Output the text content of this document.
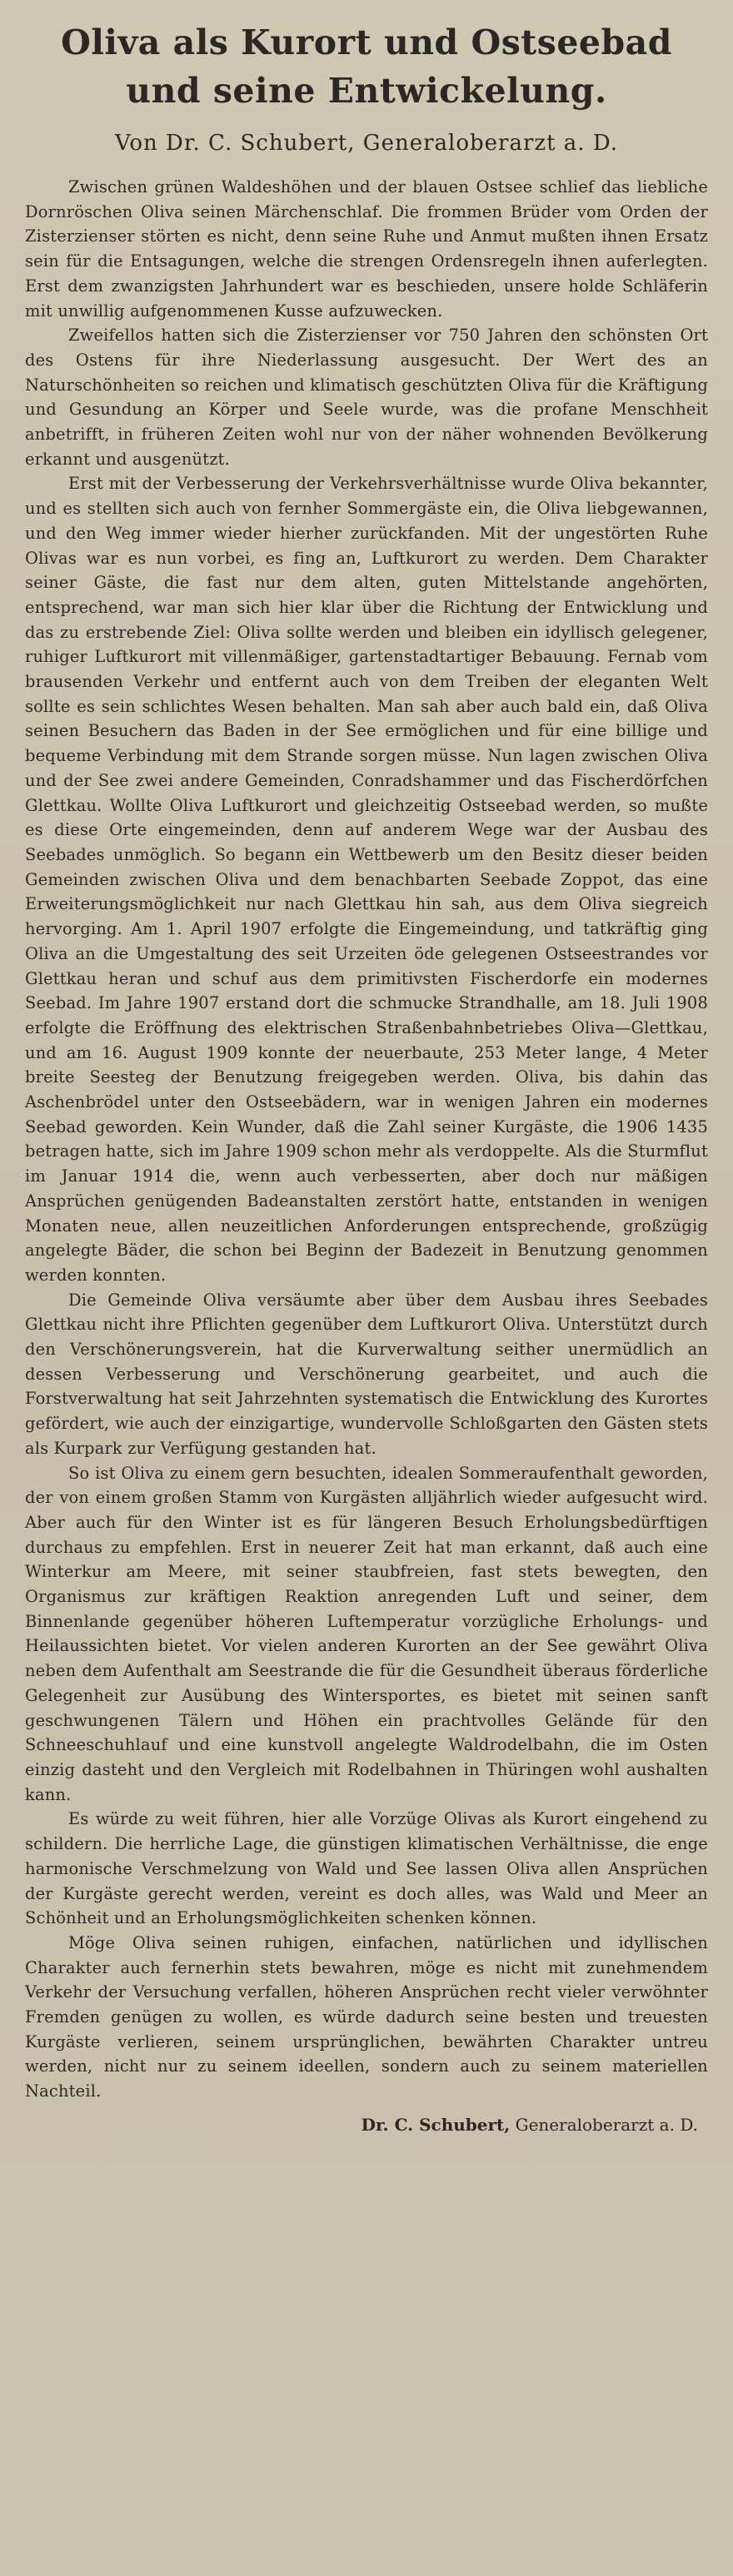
Oliva als Kurort und Ostseebad und seine Entwickelung.
Von Dr. C. Schubert, Generaloberarzt a. D.

Zwischen grünen Waldeshöhen und der blauen Ostsee schlief das liebliche Dornröschen Oliva seinen Märchenschlaf. Die frommen Brüder vom Orden der Zisterzienser störten es nicht, denn seine Ruhe und Anmut mußten ihnen Ersatz sein für die Entsagungen, welche die strengen Ordensregeln ihnen auferlegten. Erst dem zwanzigsten Jahrhundert war es beschieden, unsere holde Schläferin mit unwillig aufgenommenen Kusse aufzuwecken.

Zweifellos hatten sich die Zisterzienser vor 750 Jahren den schönsten Ort des Ostens für ihre Niederlassung ausgesucht. Der Wert des an Naturschönheiten so reichen und klimatisch geschützten Oliva für die Kräftigung und Gesundung an Körper und Seele wurde, was die profane Menschheit anbetrifft, in früheren Zeiten wohl nur von der näher wohnenden Bevölkerung erkannt und ausgenützt.

Erst mit der Verbesserung der Verkehrsverhältnisse wurde Oliva bekannter, und es stellten sich auch von fernher Sommergäste ein, die Oliva liebgewannen, und den Weg immer wieder hierher zurückfanden. Mit der ungestörten Ruhe Olivas war es nun vorbei, es fing an, Luftkurort zu werden. Dem Charakter seiner Gäste, die fast nur dem alten, guten Mittelstande angehörten, entsprechend, war man sich hier klar über die Richtung der Entwicklung und das zu erstrebende Ziel: Oliva sollte werden und bleiben ein idyllisch gelegener, ruhiger Luftkurort mit villenmäßiger, gartenstadtartiger Bebauung. Fernab vom brausenden Verkehr und entfernt auch von dem Treiben der eleganten Welt sollte es sein schlichtes Wesen behalten. Man sah aber auch bald ein, daß Oliva seinen Besuchern das Baden in der See ermöglichen und für eine billige und bequeme Verbindung mit dem Strande sorgen müsse. Nun lagen zwischen Oliva und der See zwei andere Gemeinden, Conradshammer und das Fischerdörfchen Glettkau. Wollte Oliva Luftkurort und gleichzeitig Ostseebad werden, so mußte es diese Orte eingemeinden, denn auf anderem Wege war der Ausbau des Seebades unmöglich. So begann ein Wettbewerb um den Besitz dieser beiden Gemeinden zwischen Oliva und dem benachbarten Seebade Zoppot, das eine Erweiterungsmöglichkeit nur nach Glettkau hin sah, aus dem Oliva siegreich hervorging. Am 1. April 1907 erfolgte die Eingemeindung, und tatkräftig ging Oliva an die Umgestaltung des seit Urzeiten öde gelegenen Ostseestrandes vor Glettkau heran und schuf aus dem primitivsten Fischerdorfe ein modernes Seebad. Im Jahre 1907 erstand dort die schmucke Strandhalle, am 18. Juli 1908 erfolgte die Eröffnung des elektrischen Straßenbahnbetriebes Oliva—Glettkau, und am 16. August 1909 konnte der neuerbaute, 253 Meter lange, 4 Meter breite Seesteg der Benutzung freigegeben werden. Oliva, bis dahin das Aschenbrödel unter den Ostseebädern, war in wenigen Jahren ein modernes Seebad geworden. Kein Wunder, daß die Zahl seiner Kurgäste, die 1906 1435 betragen hatte, sich im Jahre 1909 schon mehr als verdoppelte. Als die Sturmflut im Januar 1914 die, wenn auch verbesserten, aber doch nur mäßigen Ansprüchen genügenden Badeanstalten zerstört hatte, entstanden in wenigen Monaten neue, allen neuzeitlichen Anforderungen entsprechende, großzügig angelegte Bäder, die schon bei Beginn der Badezeit in Benutzung genommen werden konnten.

Die Gemeinde Oliva versäumte aber über dem Ausbau ihres Seebades Glettkau nicht ihre Pflichten gegenüber dem Luftkurort Oliva. Unterstützt durch den Verschönerungsverein, hat die Kurverwaltung seither unermüdlich an dessen Verbesserung und Verschönerung gearbeitet, und auch die Forstverwaltung hat seit Jahrzehnten systematisch die Entwicklung des Kurortes gefördert, wie auch der einzigartige, wundervolle Schloßgarten den Gästen stets als Kurpark zur Verfügung gestanden hat.

So ist Oliva zu einem gern besuchten, idealen Sommeraufenthalt geworden, der von einem großen Stamm von Kurgästen alljährlich wieder aufgesucht wird. Aber auch für den Winter ist es für längeren Besuch Erholungsbedürftigen durchaus zu empfehlen. Erst in neuerer Zeit hat man erkannt, daß auch eine Winterkur am Meere, mit seiner staubfreien, fast stets bewegten, den Organismus zur kräftigen Reaktion anregenden Luft und seiner, dem Binnenlande gegenüber höheren Luftemperatur vorzügliche Erholungs- und Heilaussichten bietet. Vor vielen anderen Kurorten an der See gewährt Oliva neben dem Aufenthalt am Seestrande die für die Gesundheit überaus förderliche Gelegenheit zur Ausübung des Wintersportes, es bietet mit seinen sanft geschwungenen Tälern und Höhen ein prachtvolles Gelände für den Schneeschuhlauf und eine kunstvoll angelegte Waldrodelbahn, die im Osten einzig dasteht und den Vergleich mit Rodelbahnen in Thüringen wohl aushalten kann.

Es würde zu weit führen, hier alle Vorzüge Olivas als Kurort eingehend zu schildern. Die herrliche Lage, die günstigen klimatischen Verhältnisse, die enge harmonische Verschmelzung von Wald und See lassen Oliva allen Ansprüchen der Kurgäste gerecht werden, vereint es doch alles, was Wald und Meer an Schönheit und an Erholungsmöglichkeiten schenken können.

Möge Oliva seinen ruhigen, einfachen, natürlichen und idyllischen Charakter auch fernerhin stets bewahren, möge es nicht mit zunehmendem Verkehr der Versuchung verfallen, höheren Ansprüchen recht vieler verwöhnter Fremden genügen zu wollen, es würde dadurch seine besten und treuesten Kurgäste verlieren, seinem ursprünglichen, bewährten Charakter untreu werden, nicht nur zu seinem ideellen, sondern auch zu seinem materiellen Nachteil.

Dr. C. Schubert, Generaloberarzt a. D.
